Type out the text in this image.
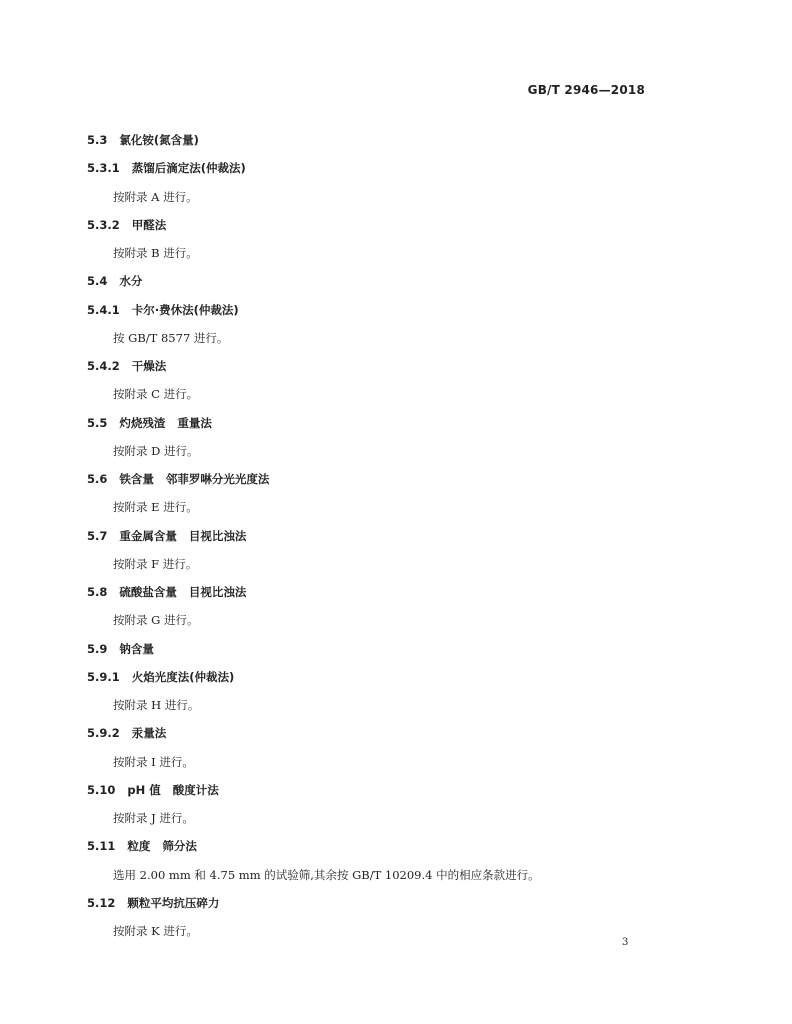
GB/T 2946—2018
5.3 氯化铵(氮含量)
5.3.1 蒸馏后滴定法(仲裁法)
按附录 A 进行。
5.3.2 甲醛法
按附录 B 进行。
5.4 水分
5.4.1 卡尔·费休法(仲裁法)
按 GB/T 8577 进行。
5.4.2 干燥法
按附录 C 进行。
5.5 灼烧残渣 重量法
按附录 D 进行。
5.6 铁含量 邻菲罗啉分光光度法
按附录 E 进行。
5.7 重金属含量 目视比浊法
按附录 F 进行。
5.8 硫酸盐含量 目视比浊法
按附录 G 进行。
5.9 钠含量
5.9.1 火焰光度法(仲裁法)
按附录 H 进行。
5.9.2 汞量法
按附录 I 进行。
5.10 pH 值 酸度计法
按附录 J 进行。
5.11 粒度 筛分法
选用 2.00 mm 和 4.75 mm 的试验筛,其余按 GB/T 10209.4 中的相应条款进行。
5.12 颗粒平均抗压碎力
按附录 K 进行。
3
